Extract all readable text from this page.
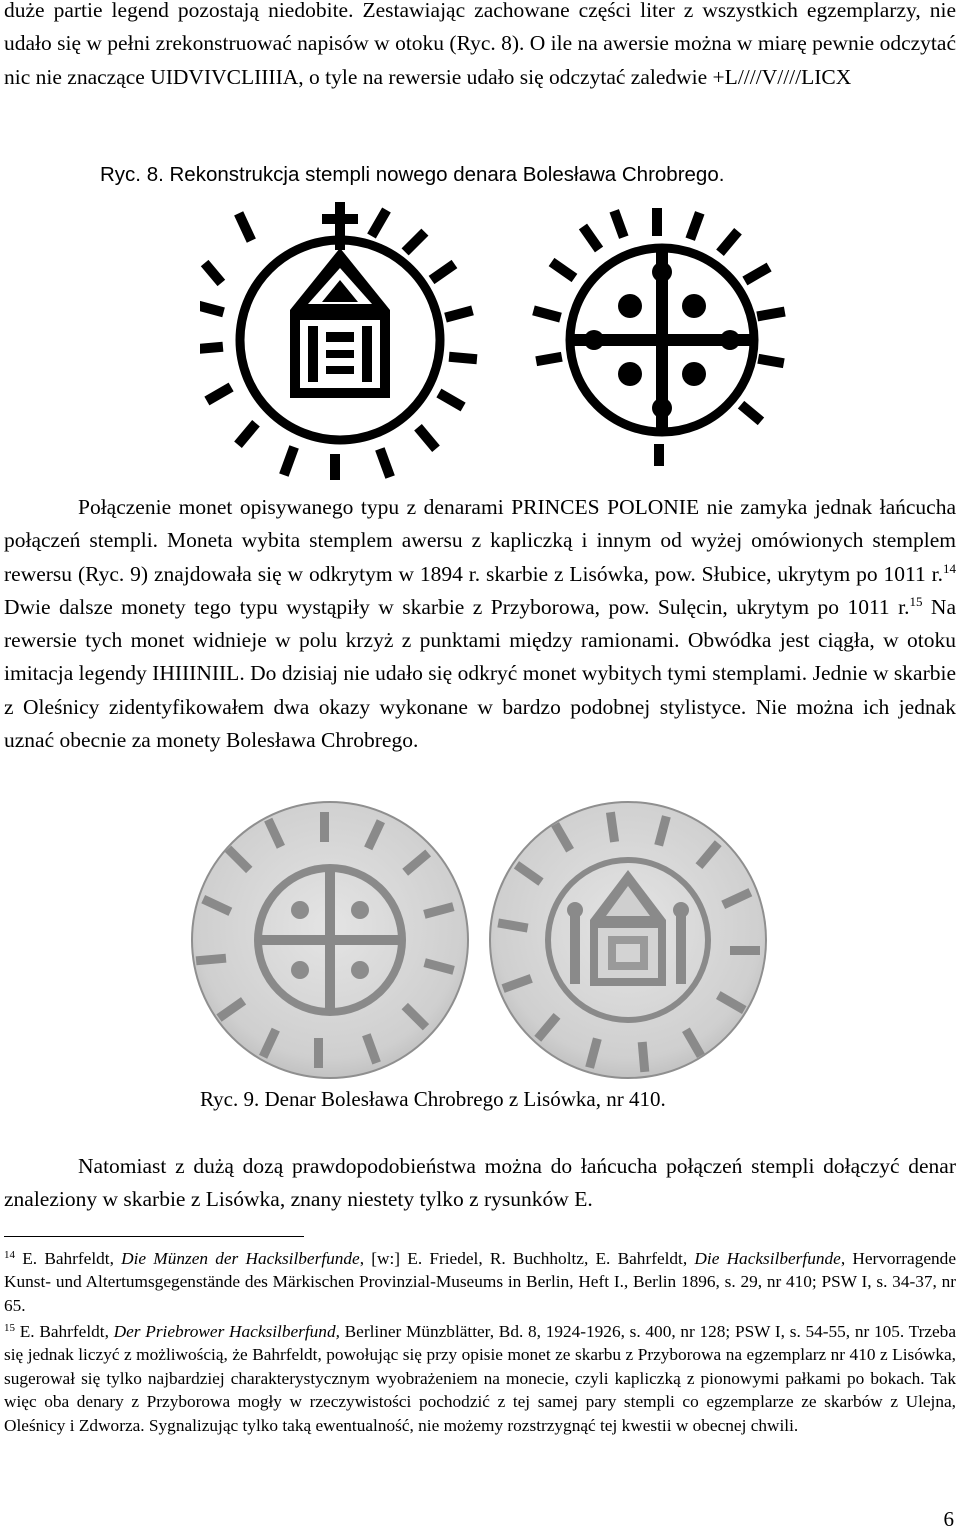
duże partie legend pozostają niedobite. Zestawiając zachowane części liter z wszystkich egzemplarzy, nie udało się w pełni zrekonstruować napisów w otoku (Ryc. 8). O ile na awersie można w miarę pewnie odczytać nic nie znaczące UIDVIVCLIIIIA, o tyle na rewersie udało się odczytać zaledwie +L////V////LICX

Ryc. 8. Rekonstrukcja stempli nowego denara Bolesława Chrobrego.

Połączenie monet opisywanego typu z denarami PRINCES POLONIE nie zamyka jednak łańcucha połączeń stempli. Moneta wybita stemplem awersu z kapliczką i innym od wyżej omówionych stemplem rewersu (Ryc. 9) znajdowała się w odkrytym w 1894 r. skarbie z Lisówka, pow. Słubice, ukrytym po 1011 r.$^{14}$ Dwie dalsze monety tego typu wystąpiły w skarbie z Przyborowa, pow. Sulęcin, ukrytym po 1011 r.$^{15}$ Na rewersie tych monet widnieje w polu krzyż z punktami między ramionami. Obwódka jest ciągła, w otoku imitacja legendy IHIIINIIL. Do dzisiaj nie udało się odkryć monet wybitych tymi stemplami. Jednie w skarbie z Oleśnicy zidentyfikowałem dwa okazy wykonane w bardzo podobnej stylistyce. Nie można ich jednak uznać obecnie za monety Bolesława Chrobrego.

Ryc. 9. Denar Bolesława Chrobrego z Lisówka, nr 410.

Natomiast z dużą dozą prawdopodobieństwa można do łańcucha połączeń stempli dołączyć denar znaleziony w skarbie z Lisówka, znany niestety tylko z rysunków E.

$^{14}$ E. Bahrfeldt, Die Münzen der Hacksilberfunde, [w:] E. Friedel, R. Buchholtz, E. Bahrfeldt, Die Hacksilberfunde, Hervorragende Kunst- und Altertumsgegenstände des Märkischen Provinzial-Museums in Berlin, Heft I., Berlin 1896, s. 29, nr 410; PSW I, s. 34-37, nr 65.

$^{15}$ E. Bahrfeldt, Der Priebrower Hacksilberfund, Berliner Münzblätter, Bd. 8, 1924-1926, s. 400, nr 128; PSW I, s. 54-55, nr 105. Trzeba się jednak liczyć z możliwością, że Bahrfeldt, powołując się przy opisie monet ze skarbu z Przyborowa na egzemplarz nr 410 z Lisówka, sugerował się tylko najbardziej charakterystycznym wyobrażeniem na monecie, czyli kapliczką z pionowymi pałkami po bokach. Tak więc oba denary z Przyborowa mogły w rzeczywistości pochodzić z tej samej pary stempli co egzemplarze ze skarbów z Ulejna, Oleśnicy i Zdworza. Sygnalizując tylko taką ewentualność, nie możemy rozstrzygnąć tej kwestii w obecnej chwili.

6
